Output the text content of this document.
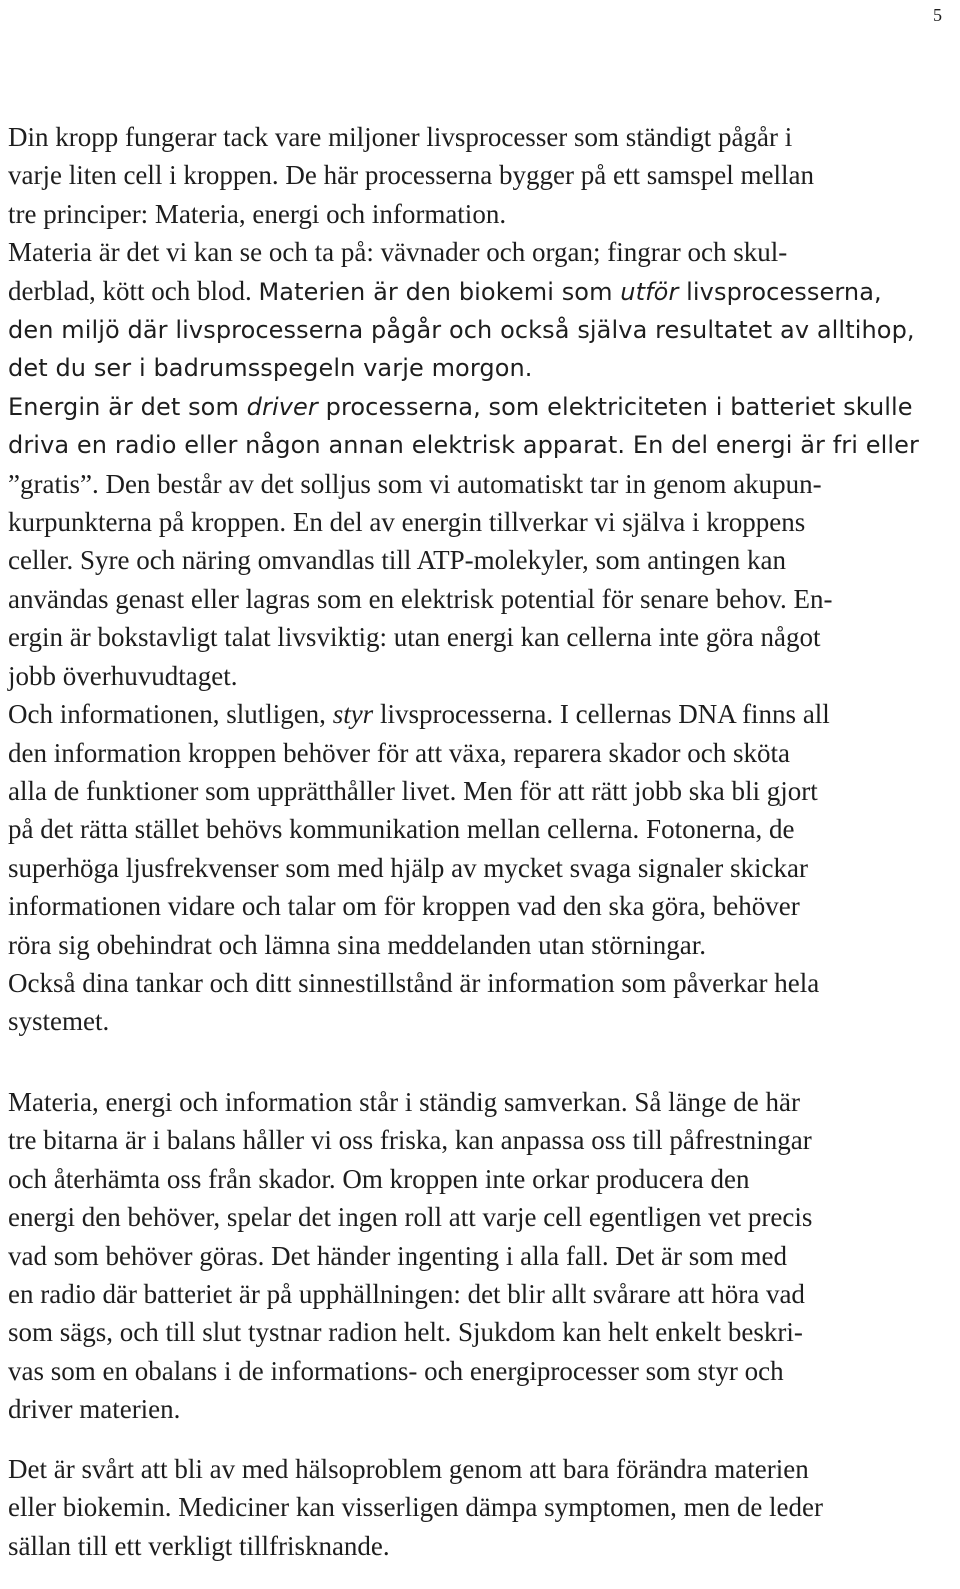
5
Din kropp fungerar tack vare miljoner livsprocesser som ständigt pågår i
varje liten cell i kroppen. De här processerna bygger på ett samspel mellan
tre principer: Materia, energi och information.
Materia är det vi kan se och ta på: vävnader och organ; fingrar och skul-
derblad, kött och blod. Materien är den biokemi som utför livsprocesserna,
den miljö där livsprocesserna pågår och också själva resultatet av alltihop,
det du ser i badrumsspegeln varje morgon.
Energin är det som driver processerna, som elektriciteten i batteriet skulle
driva en radio eller någon annan elektrisk apparat. En del energi är fri eller
”gratis”. Den består av det solljus som vi automatiskt tar in genom akupun-
kurpunkterna på kroppen. En del av energin tillverkar vi själva i kroppens
celler. Syre och näring omvandlas till ATP-molekyler, som antingen kan
användas genast eller lagras som en elektrisk potential för senare behov. En-
ergin är bokstavligt talat livsviktig: utan energi kan cellerna inte göra något
jobb överhuvudtaget.
Och informationen, slutligen, styr livsprocesserna. I cellernas DNA finns all
den information kroppen behöver för att växa, reparera skador och sköta
alla de funktioner som upprätthåller livet. Men för att rätt jobb ska bli gjort
på det rätta stället behövs kommunikation mellan cellerna. Fotonerna, de
superhöga ljusfrekvenser som med hjälp av mycket svaga signaler skickar
informationen vidare och talar om för kroppen vad den ska göra, behöver
röra sig obehindrat och lämna sina meddelanden utan störningar.
Också dina tankar och ditt sinnestillstånd är information som påverkar hela
systemet.
Materia, energi och information står i ständig samverkan. Så länge de här
tre bitarna är i balans håller vi oss friska, kan anpassa oss till påfrestningar
och återhämta oss från skador. Om kroppen inte orkar producera den
energi den behöver, spelar det ingen roll att varje cell egentligen vet precis
vad som behöver göras. Det händer ingenting i alla fall. Det är som med
en radio där batteriet är på upphällningen: det blir allt svårare att höra vad
som sägs, och till slut tystnar radion helt. Sjukdom kan helt enkelt beskri-
vas som en obalans i de informations- och energiprocesser som styr och
driver materien.
Det är svårt att bli av med hälsoproblem genom att bara förändra materien
eller biokemin. Mediciner kan visserligen dämpa symptomen, men de leder
sällan till ett verkligt tillfrisknande.
